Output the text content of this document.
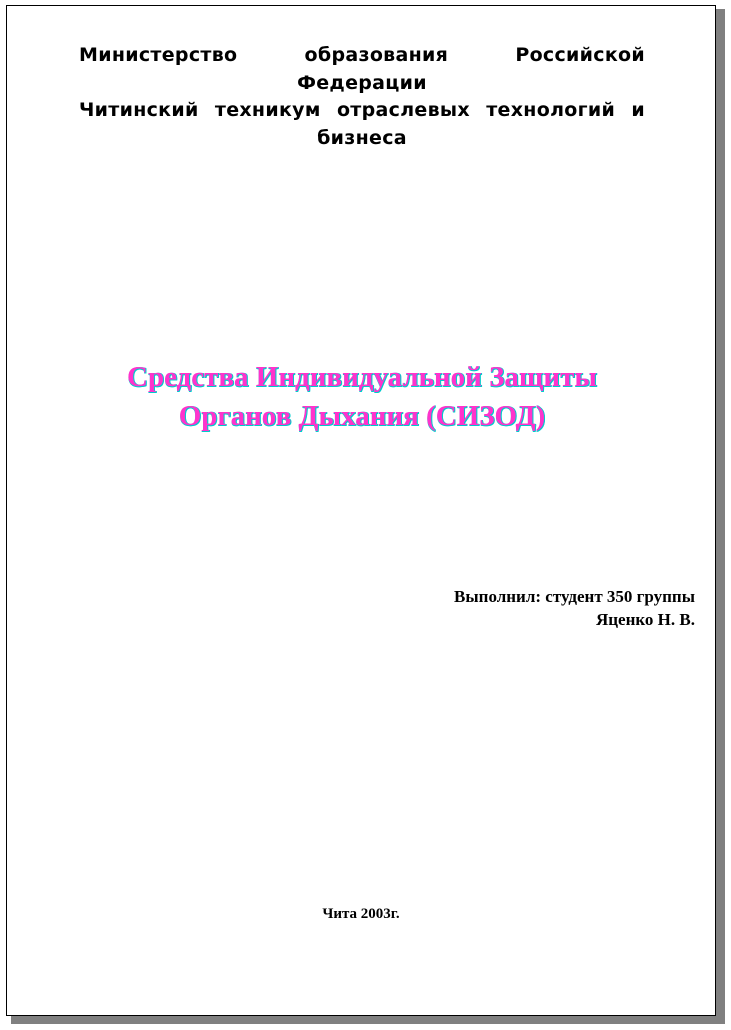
Министерство образования Российской
Федерации
Читинский техникум отраслевых технологий и
бизнеса
Средства Индивидуальной Защиты
Органов Дыхания (СИЗОД)
Выполнил: студент 350 группы
Яценко Н. В.
Чита 2003г.
